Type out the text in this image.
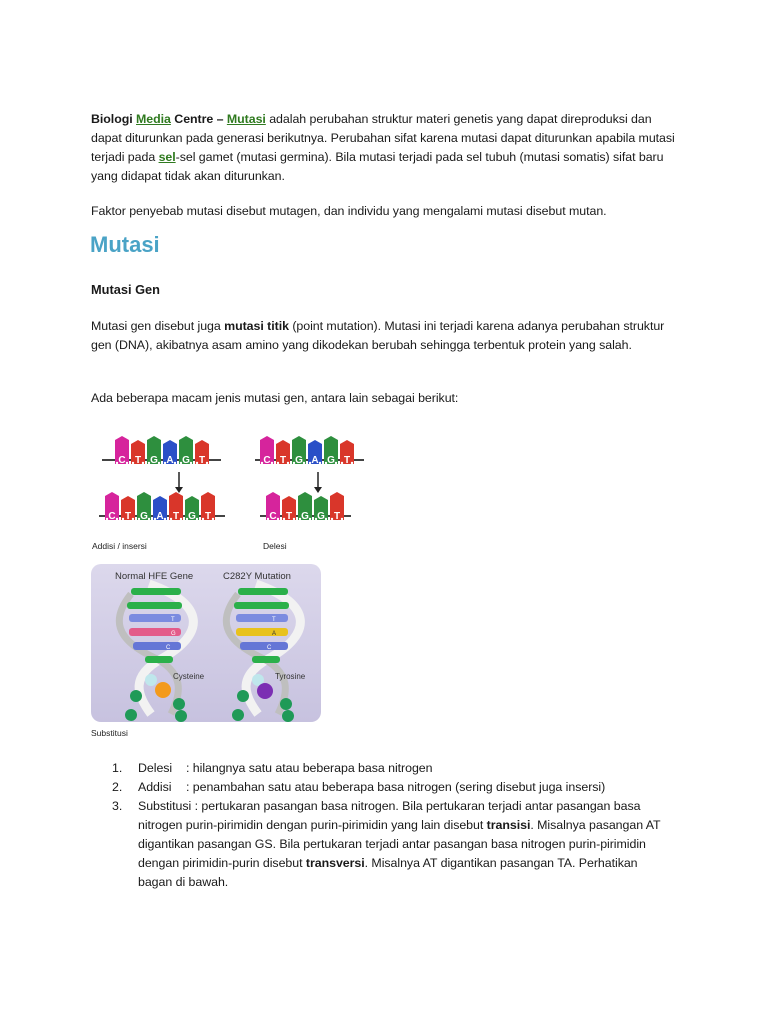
Biologi Media Centre – Mutasi adalah perubahan struktur materi genetis yang dapat direproduksi dan dapat diturunkan pada generasi berikutnya. Perubahan sifat karena mutasi dapat diturunkan apabila mutasi terjadi pada sel-sel gamet (mutasi germina). Bila mutasi terjadi pada sel tubuh (mutasi somatis) sifat baru yang didapat tidak akan diturunkan.

Faktor penyebab mutasi disebut mutagen, dan individu yang mengalami mutasi disebut mutan.

Mutasi
Mutasi Gen

Mutasi gen disebut juga mutasi titik (point mutation). Mutasi ini terjadi karena adanya perubahan struktur gen (DNA), akibatnya asam amino yang dikodekan berubah sehingga terbentuk protein yang salah.

Ada beberapa macam jenis mutasi gen, antara lain sebagai berikut:

C T G A G T
C T G A T G T
Addisi / insersi
C T G A G T
C T G G T
Delesi
Normal HFE Gene	C282Y Mutation
T
G
C
Cysteine
T
A
C
Tyrosine
Substitusi
1. Delesi : hilangnya satu atau beberapa basa nitrogen
2. Addisi : penambahan satu atau beberapa basa nitrogen (sering disebut juga insersi)
3. Substitusi : pertukaran pasangan basa nitrogen. Bila pertukaran terjadi antar pasangan basa nitrogen purin-pirimidin dengan purin-pirimidin yang lain disebut transisi. Misalnya pasangan AT digantikan pasangan GS. Bila pertukaran terjadi antar pasangan basa nitrogen purin-pirimidin dengan pirimidin-purin disebut transversi. Misalnya AT digantikan pasangan TA. Perhatikan bagan di bawah.
